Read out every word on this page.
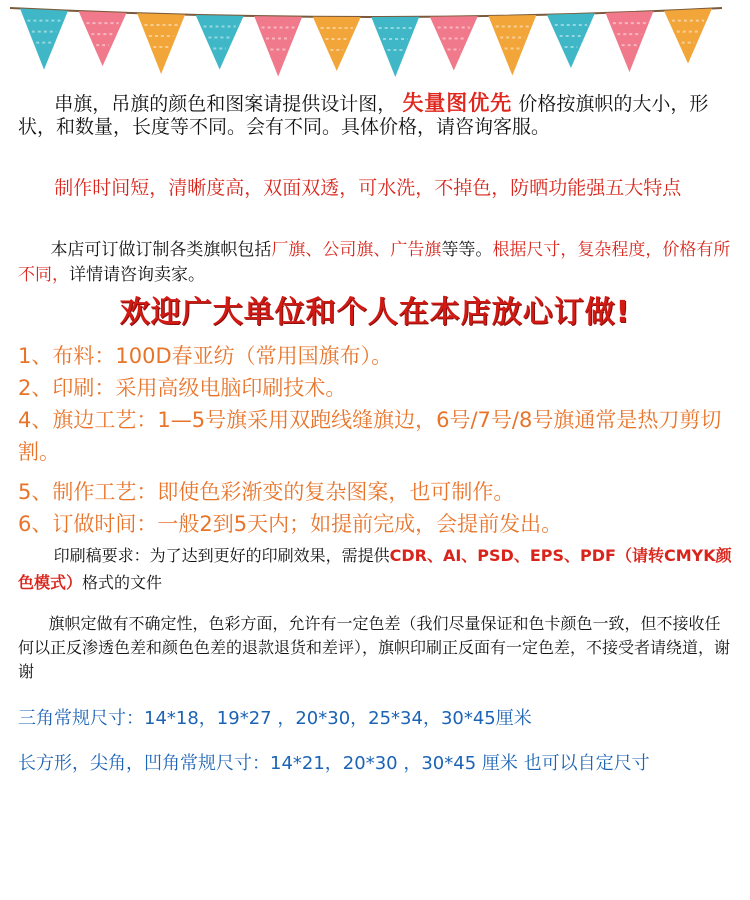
串旗，吊旗的颜色和图案请提供设计图， 失量图优先 价格按旗帜的大小，形状，和数量，长度等不同。会有不同。具体价格，请咨询客服。

制作时间短，清晰度高，双面双透，可水洗，不掉色，防晒功能强五大特点

本店可订做订制各类旗帜包括厂旗、公司旗、广告旗等等。根据尺寸，复杂程度，价格有所不同，详情请咨询卖家。

欢迎广大单位和个人在本店放心订做!

1、布料：100D春亚纺（常用国旗布）。

2、印刷：采用高级电脑印刷技术。

4、旗边工艺：1—5号旗采用双跑线缝旗边，6号/7号/8号旗通常是热刀剪切割。

5、制作工艺：即使色彩渐变的复杂图案，也可制作。

6、订做时间：一般2到5天内；如提前完成，会提前发出。

印刷稿要求：为了达到更好的印刷效果，需提供CDR、AI、PSD、EPS、PDF（请转CMYK颜色模式）格式的文件

旗帜定做有不确定性，色彩方面，允许有一定色差（我们尽量保证和色卡颜色一致，但不接收任何以正反渗透色差和颜色色差的退款退货和差评），旗帜印刷正反面有一定色差，不接受者请绕道，谢谢

三角常规尺寸：14*18，19*27 ，20*30，25*34，30*45厘米

长方形，尖角，凹角常规尺寸：14*21，20*30 ，30*45 厘米 也可以自定尺寸
